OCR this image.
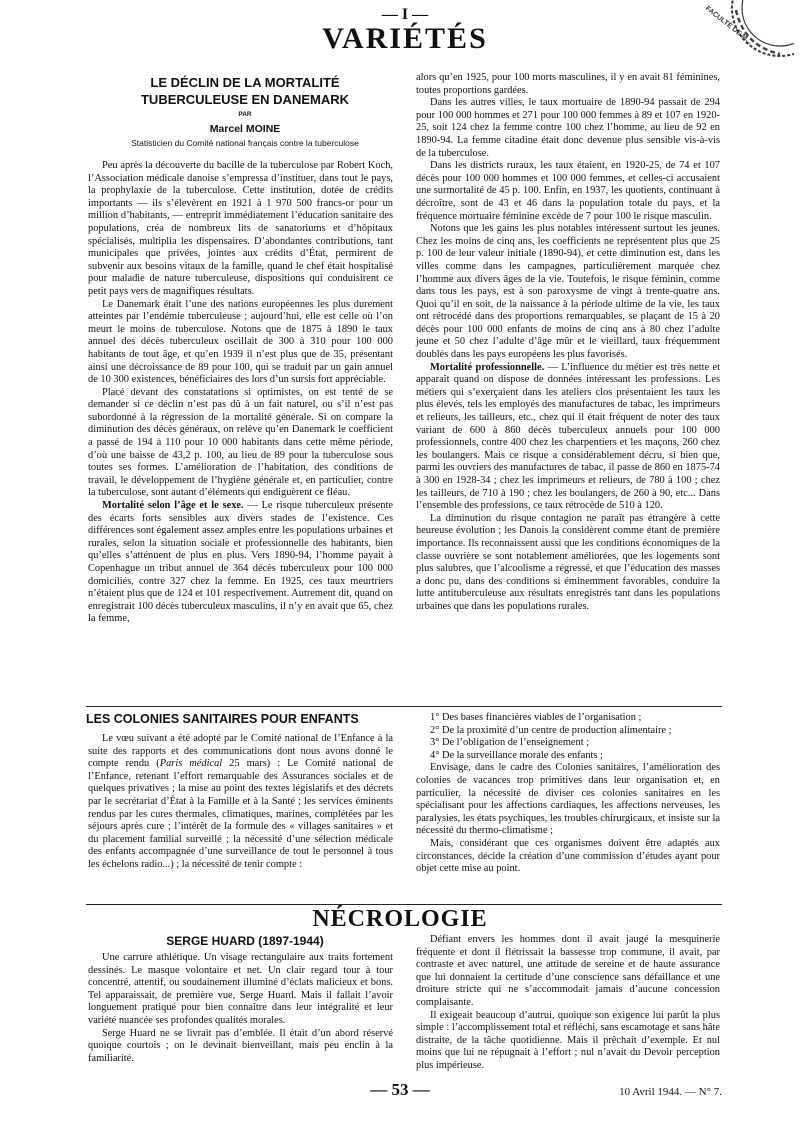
— I —
VARIÉTÉS	FACULTÉ DE M...
LE DÉCLIN DE LA MORTALITÉ
TUBERCULEUSE EN DANEMARK
PAR
Marcel MOINE
Statisticien du Comité national français contre la tuberculose

Peu après la découverte du bacille de la tuberculose par Robert Koch, l’Association médicale danoise s’empressa d’instituer, dans tout le pays, la prophylaxie de la tuberculose. Cette institution, dotée de crédits importants — ils s’élevèrent en 1921 à 1 970 500 francs-or pour un million d’habitants, — entreprit immédiatement l’éducation sanitaire des populations, créa de nombreux lits de sanatoriums et d’hôpitaux spécialisés, multiplia les dispensaires. D’abondantes contributions, tant municipales que privées, jointes aux crédits d’État, permirent de subvenir aux besoins vitaux de la famille, quand le chef était hospitalisé pour maladie de nature tuberculeuse, dispositions qui conduisirent ce petit pays vers de magnifiques résultats.

Le Danemark était l’une des nations européennes les plus durement atteintes par l’endémie tuberculeuse ; aujourd’hui, elle est celle où l’on meurt le moins de tuberculose. Notons que de 1875 à 1890 le taux annuel des décès tuberculeux oscillait de 300 à 310 pour 100 000 habitants de tout âge, et qu’en 1939 il n’est plus que de 35, présentant ainsi une décroissance de 89 pour 100, qui se traduit par un gain annuel de 10 300 existences, bénéficiaires des lors d’un sursis fort appréciable.

Placé devant des constatations si optimistes, on est tenté de se demander si ce déclin n’est pas dû à un fait naturel, ou s’il n’est pas subordonné à la régression de la mortalité générale. Si on compare la diminution des décès généraux, on relève qu’en Danemark le coefficient a passé de 194 à 110 pour 10 000 habitants dans cette même période, d’où une baisse de 43,2 p. 100, au lieu de 89 pour la tuberculose sous toutes ses formes. L’amélioration de l’habitation, des conditions de travail, le développement de l’hygiène générale et, en particulier, contre la tuberculose, sont autant d’éléments qui endiguèrent ce fléau.

Mortalité selon l’âge et le sexe. — Le risque tuberculeux présente des écarts forts sensibles aux divers stades de l’existence. Ces différences sont également assez amples entre les populations urbaines et rurales, selon la situation sociale et professionnelle des habitants, bien qu’elles s’atténuent de plus en plus. Vers 1890-94, l’homme payait à Copenhague un tribut annuel de 364 décès tuberculeux pour 100 000 domiciliés, contre 327 chez la femme. En 1925, ces taux meurtriers n’étaient plus que de 124 et 101 respectivement. Autrement dit, quand on enregistrait 100 décès tuberculeux masculins, il n’y en avait que 65, chez la femme,

alors qu’en 1925, pour 100 morts masculines, il y en avait 81 féminines, toutes proportions gardées.

Dans les autres villes, le taux mortuaire de 1890-94 passait de 294 pour 100 000 hommes et 271 pour 100 000 femmes à 89 et 107 en 1920-25, soit 124 chez la femme contre 100 chez l’homme, au lieu de 92 en 1890-94. La femme citadine était donc devenue plus sensible vis-à-vis de la tuberculose.

Dans les districts ruraux, les taux étaient, en 1920-25, de 74 et 107 décès pour 100 000 hommes et 100 000 femmes, et celles-ci accusaient une surmortalité de 45 p. 100. Enfin, en 1937, les quotients, continuant à décroître, sont de 43 et 46 dans la population totale du pays, et la fréquence mortuaire féminine excède de 7 pour 100 le risque masculin.

Notons que les gains les plus notables intéressent surtout les jeunes. Chez les moins de cinq ans, les coefficients ne représentent plus que 25 p. 100 de leur valeur initiale (1890-94), et cette diminution est, dans les villes comme dans les campagnes, particulièrement marquée chez l’homme aux divers âges de la vie. Toutefois, le risque féminin, comme dans tous les pays, est à son paroxysme de vingt à trente-quatre ans. Quoi qu’il en soit, de la naissance à la période ultime de la vie, les taux ont rétrocédé dans des proportions remarquables, se plaçant de 15 à 20 décès pour 100 000 enfants de moins de cinq ans à 80 chez l’adulte jeune et 50 chez l’adulte d’âge mûr et le vieillard, taux fréquemment doublés dans les pays européens les plus favorisés.

Mortalité professionnelle. — L’influence du métier est très nette et apparaît quand on dispose de données intéressant les professions. Les métiers qui s’exerçaient dans les ateliers clos présentaient les taux les plus élevés, tels les employés des manufactures de tabac, les imprimeurs et relieurs, les tailleurs, etc., chez qui il était fréquent de noter des taux variant de 600 à 860 décès tuberculeux annuels pour 100 000 professionnels, contre 400 chez les charpentiers et les maçons, 260 chez les boulangers. Mais ce risque a considérablement décru, si bien que, parmi les ouvriers des manufactures de tabac, il passe de 860 en 1875-74 à 300 en 1928-34 ; chez les imprimeurs et relieurs, de 780 à 100 ; chez les tailleurs, de 710 à 190 ; chez les boulangers, de 260 à 90, etc... Dans l’ensemble des professions, ce taux rétrocède de 510 à 120.

La diminution du risque contagion ne paraît pas étrangère à cette heureuse évolution ; les Danois la considèrent comme étant de première importance. Ils reconnaissent aussi que les conditions économiques de la classe ouvrière se sont notablement améliorées, que les logements sont plus salubres, que l’alcoolisme a régressé, et que l’éducation des masses a donc pu, dans des conditions si éminemment favorables, conduire la lutte antituberculeuse aux résultats enregistrés tant dans les populations urbaines que dans les populations rurales.

LES COLONIES SANITAIRES POUR ENFANTS

Le vœu suivant a été adopté par le Comité national de l’Enfance à la suite des rapports et des communications dont nous avons donné le compte rendu (Paris médical 25 mars) : Le Comité national de l’Enfance, retenant l’effort remarquable des Assurances sociales et de quelques privatives ; la mise au point des textes législatifs et des décrets par le secrétariat d’État à la Famille et à la Santé ; les services éminents rendus par les cures thermales, climatiques, marines, complétées par les séjours après cure ; l’intérêt de la formule des « villages sanitaires » et du placement familial surveillé ; la nécessité d’une sélection médicale des enfants accompagnée d’une surveillance de tout le personnel à tous les échelons radio...) ; la nécessité de tenir compte :

1° Des bases financières viables de l’organisation ;

2° De la proximité d’un centre de production alimentaire ;

3° De l’obligation de l’enseignement ;

4° De la surveillance morale des enfants ;

Envisage, dans le cadre des Colonies sanitaires, l’amélioration des colonies de vacances trop primitives dans leur organisation et, en particulier, la nécessité de diviser ces colonies sanitaires en les spécialisant pour les affections cardiaques, les affections nerveuses, les paralysies, les états psychiques, les troubles chirurgicaux, et insiste sur la nécessité du thermo-climatisme ;

Mais, considérant que ces organismes doivent être adaptés aux circonstances, décide la création d’une commission d’études ayant pour objet cette mise au point.

NÉCROLOGIE
SERGE HUARD (1897-1944)

Une carrure athlétique. Un visage rectangulaire aux traits fortement dessinés. Le masque volontaire et net. Un clair regard tour à tour concentré, attentif, ou soudainement illuminé d’éclats malicieux et bons. Tel apparaissait, de première vue, Serge Huard. Mais il fallait l’avoir longuement pratiqué pour bien connaître dans leur intégralité et leur variété nuancée ses profondes qualités morales.

Serge Huard ne se livrait pas d’emblée. Il était d’un abord réservé quoique courtois ; on le devinait bienveillant, mais peu enclin à la familiarité.

Défiant envers les hommes dont il avait jaugé la mesquinerie fréquente et dont il flétrissait la bassesse trop commune, il avait, par contraste et avec naturel, une attitude de sereine et de haute assurance que lui donnaient la certitude d’une conscience sans défaillance et une droiture stricte qui ne s’accommodait jamais d’aucune concession complaisante.

Il exigeait beaucoup d’autrui, quoique son exigence lui parût la plus simple : l’accomplissement total et réfléchi, sans escamotage et sans hâte distraite, de la tâche quotidienne. Mais il prêchait d’exemple. Et nul moins que lui ne répugnait à l’effort ; nul n’avait du Devoir perception plus impérieuse.

— 53 —	10 Avril 1944. — N° 7.
